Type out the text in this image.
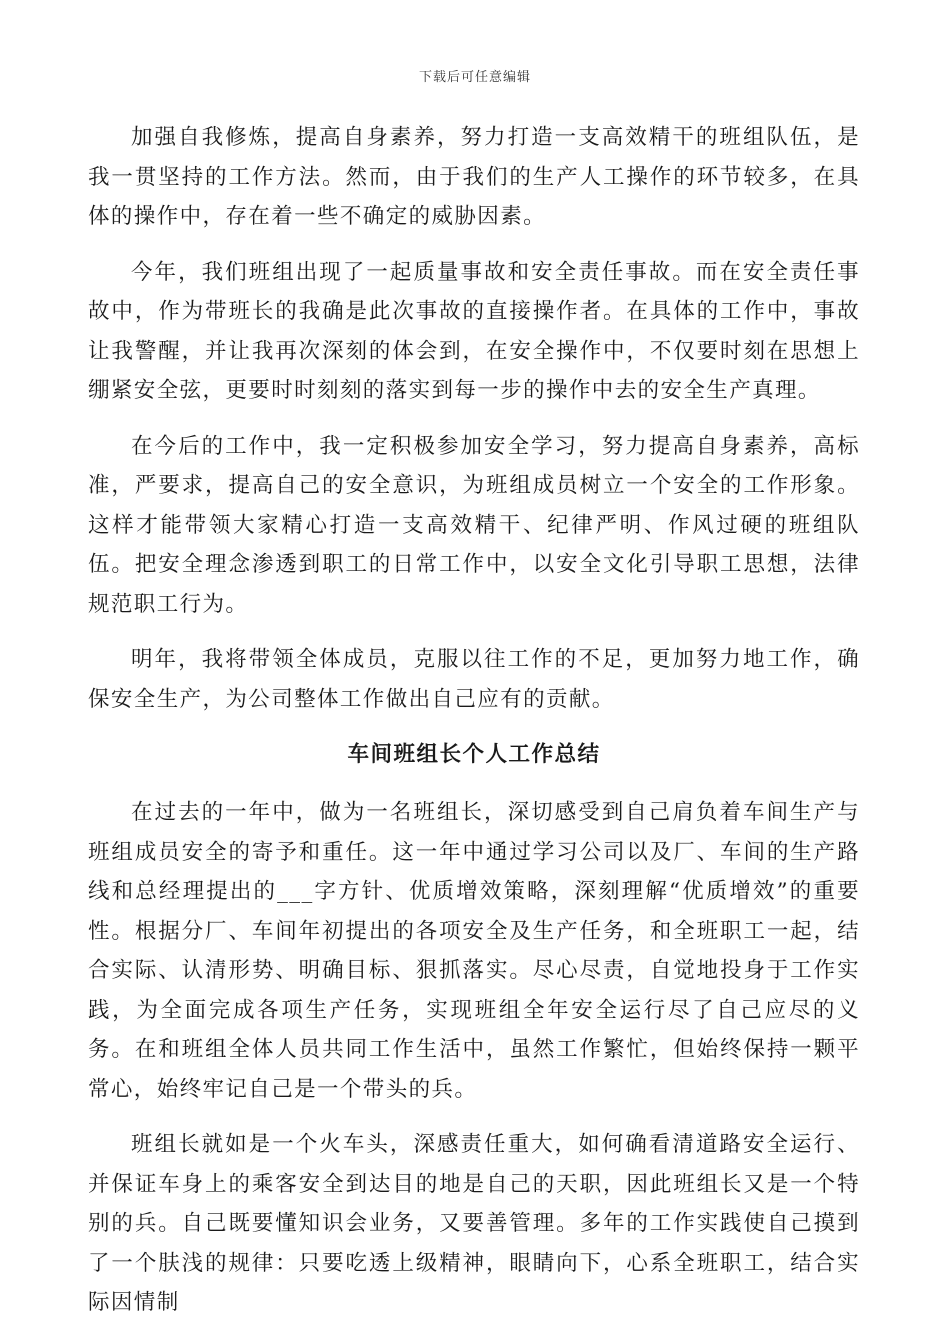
下载后可任意编辑

加强自我修炼，提高自身素养，努力打造一支高效精干的班组队伍，是我一贯坚持的工作方法。然而，由于我们的生产人工操作的环节较多，在具体的操作中，存在着一些不确定的威胁因素。

今年，我们班组出现了一起质量事故和安全责任事故。而在安全责任事故中，作为带班长的我确是此次事故的直接操作者。在具体的工作中，事故让我警醒，并让我再次深刻的体会到，在安全操作中，不仅要时刻在思想上绷紧安全弦，更要时时刻刻的落实到每一步的操作中去的安全生产真理。

在今后的工作中，我一定积极参加安全学习，努力提高自身素养，高标准，严要求，提高自己的安全意识，为班组成员树立一个安全的工作形象。这样才能带领大家精心打造一支高效精干、纪律严明、作风过硬的班组队伍。把安全理念渗透到职工的日常工作中，以安全文化引导职工思想，法律规范职工行为。

明年，我将带领全体成员，克服以往工作的不足，更加努力地工作，确保安全生产，为公司整体工作做出自己应有的贡献。

车间班组长个人工作总结

在过去的一年中，做为一名班组长，深切感受到自己肩负着车间生产与班组成员安全的寄予和重任。这一年中通过学习公司以及厂、车间的生产路线和总经理提出的___字方针、优质增效策略，深刻理解“优质增效”的重要性。根据分厂、车间年初提出的各项安全及生产任务，和全班职工一起，结合实际、认清形势、明确目标、狠抓落实。尽心尽责，自觉地投身于工作实践，为全面完成各项生产任务，实现班组全年安全运行尽了自己应尽的义务。在和班组全体人员共同工作生活中，虽然工作繁忙，但始终保持一颗平常心，始终牢记自己是一个带头的兵。

班组长就如是一个火车头，深感责任重大，如何确看清道路安全运行、并保证车身上的乘客安全到达目的地是自己的天职，因此班组长又是一个特别的兵。自己既要懂知识会业务，又要善管理。多年的工作实践使自己摸到了一个肤浅的规律：只要吃透上级精神，眼睛向下，心系全班职工，结合实际因情制
